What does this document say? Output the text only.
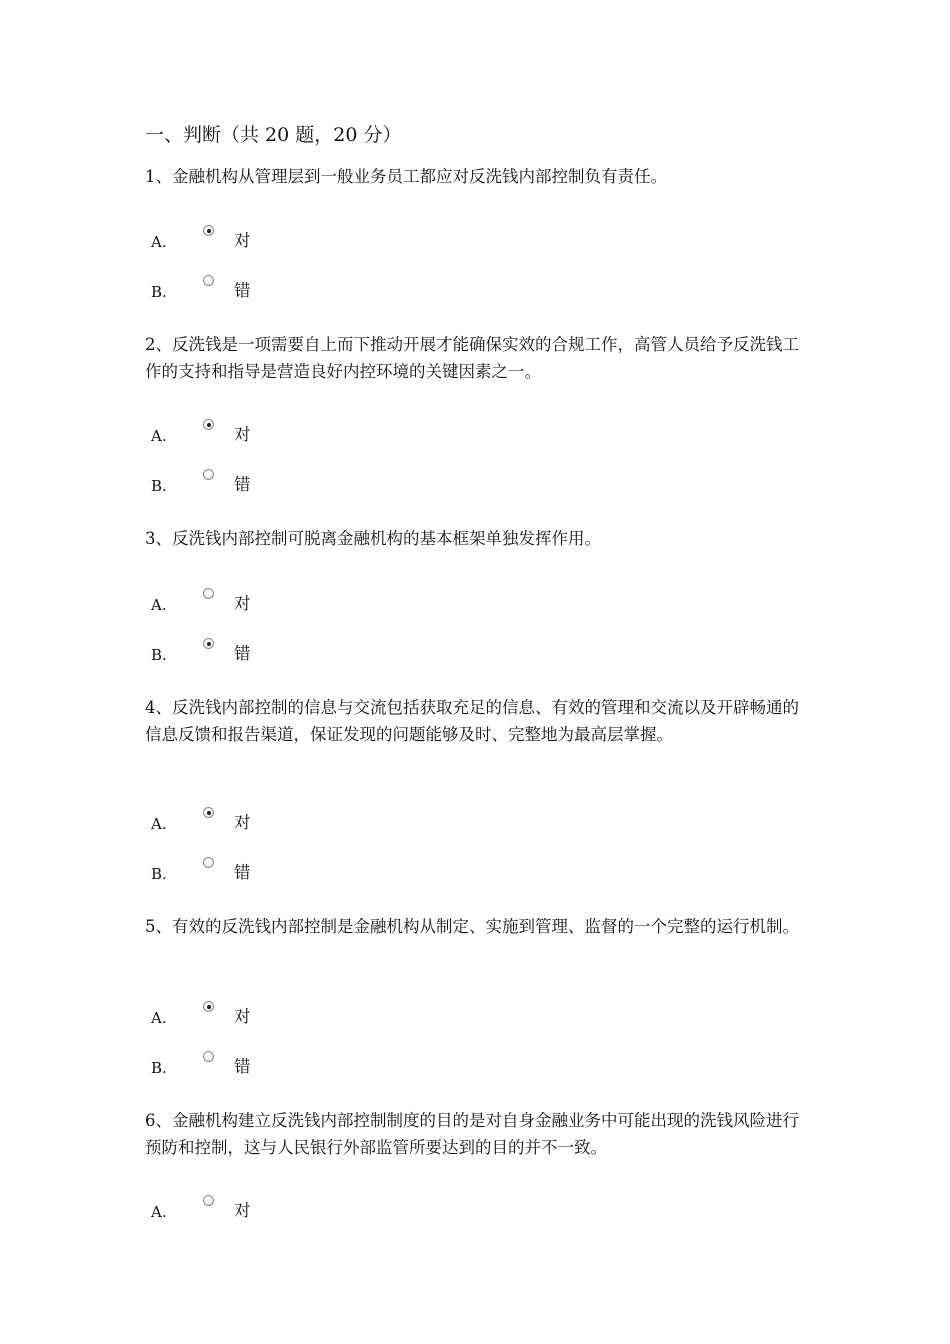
一、判断（共 20 题，20 分）
1、金融机构从管理层到一般业务员工都应对反洗钱内部控制负有责任。
A.	对
B.	错
2、反洗钱是一项需要自上而下推动开展才能确保实效的合规工作，高管人员给予反洗钱工作的支持和指导是营造良好内控环境的关键因素之一。
A.	对
B.	错
3、反洗钱内部控制可脱离金融机构的基本框架单独发挥作用。
A.	对
B.	错
4、反洗钱内部控制的信息与交流包括获取充足的信息、有效的管理和交流以及开辟畅通的信息反馈和报告渠道，保证发现的问题能够及时、完整地为最高层掌握。
A.	对
B.	错
5、有效的反洗钱内部控制是金融机构从制定、实施到管理、监督的一个完整的运行机制。
A.	对
B.	错
6、金融机构建立反洗钱内部控制制度的目的是对自身金融业务中可能出现的洗钱风险进行预防和控制，这与人民银行外部监管所要达到的目的并不一致。
A.	对
